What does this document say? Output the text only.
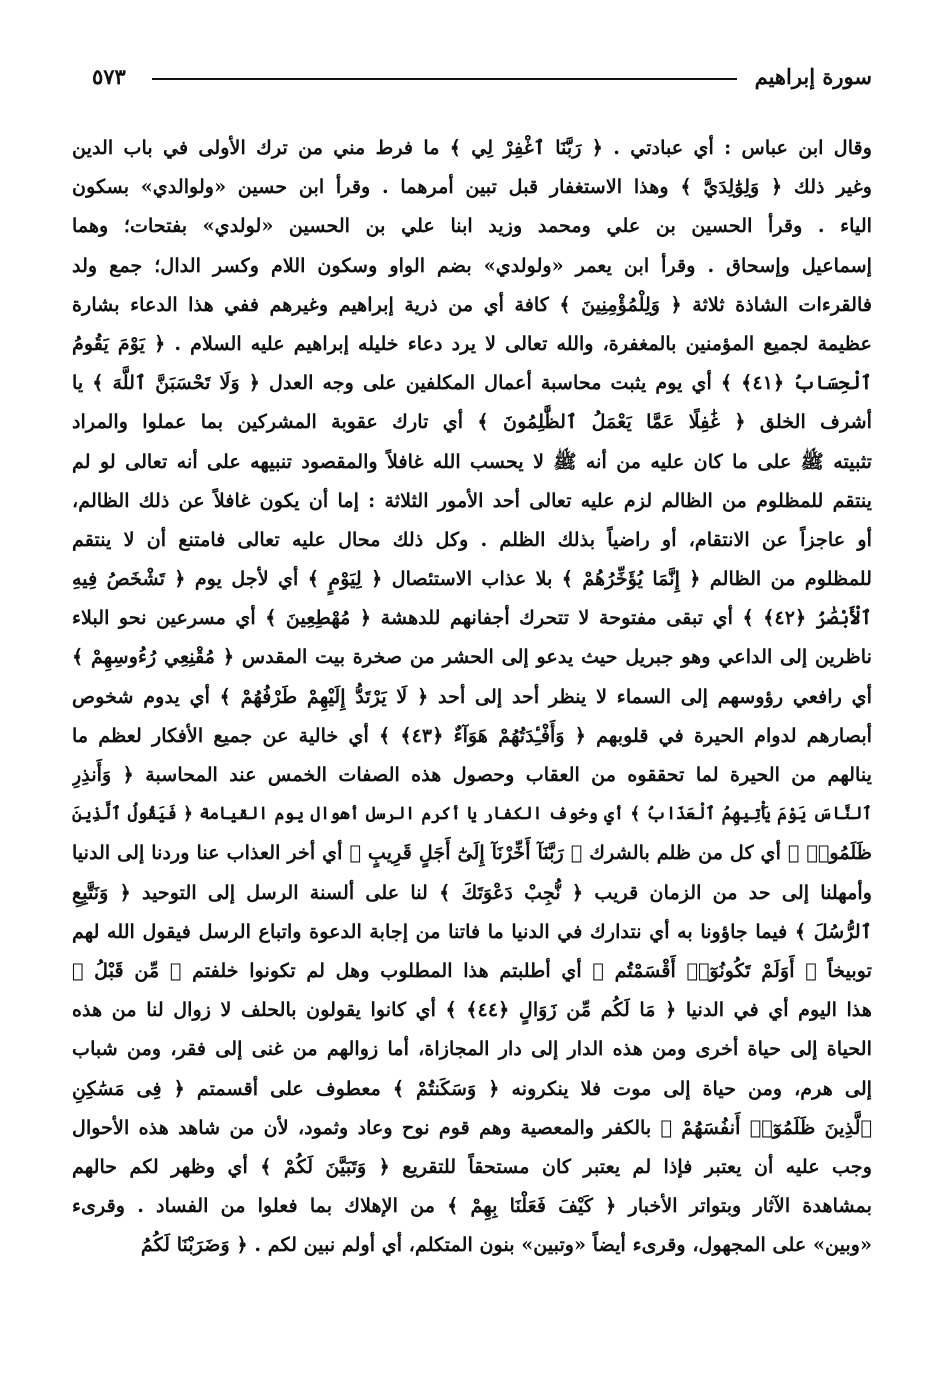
سورة إبراهيم
٥٧٣
وقال ابن عباس : أي عبادتي . ﴿ رَبَّنَا ٱغْفِرْ لِي ﴾ ما فرط مني من ترك الأولى في باب الدين
وغير ذلك ﴿ وَلِوَٰلِدَيَّ ﴾ وهذا الاستغفار قبل تبين أمرهما . وقرأ ابن حسين «ولوالدي» بسكون
الياء . وقرأ الحسين بن علي ومحمد وزيد ابنا علي بن الحسين «لولدي» بفتحات؛ وهما
إسماعيل وإسحاق . وقرأ ابن يعمر «ولولدي» بضم الواو وسكون اللام وكسر الدال؛ جمع ولد
فالقرءات الشاذة ثلاثة ﴿ وَلِلْمُؤْمِنِينَ ﴾ كافة أي من ذرية إبراهيم وغيرهم ففي هذا الدعاء بشارة
عظيمة لجميع المؤمنين بالمغفرة، والله تعالى لا يرد دعاء خليله إبراهيم عليه السلام . ﴿ يَوْمَ يَقُومُ
ٱلْحِسَابُ ﴿٤١﴾ ﴾ أي يوم يثبت محاسبة أعمال المكلفين على وجه العدل ﴿ وَلَا تَحْسَبَنَّ ٱللَّهَ ﴾ يا
أشرف الخلق ﴿ غَٰفِلًا عَمَّا يَعْمَلُ ٱلظَّٰلِمُونَ ﴾ أي تارك عقوبة المشركين بما عملوا والمراد
تثبيته ﷺ على ما كان عليه من أنه ﷺ لا يحسب الله غافلاً والمقصود تنبيهه على أنه تعالى لو لم
ينتقم للمظلوم من الظالم لزم عليه تعالى أحد الأمور الثلاثة : إما أن يكون غافلاً عن ذلك الظالم،
أو عاجزاً عن الانتقام، أو راضياً بذلك الظلم . وكل ذلك محال عليه تعالى فامتنع أن لا ينتقم
للمظلوم من الظالم ﴿ إِنَّمَا يُؤَخِّرُهُمْ ﴾ بلا عذاب الاستئصال ﴿ لِيَوْمٍ ﴾ أي لأجل يوم ﴿ تَشْخَصُ فِيهِ
ٱلْأَبْصَٰرُ ﴿٤٢﴾ ﴾ أي تبقى مفتوحة لا تتحرك أجفانهم للدهشة ﴿ مُهْطِعِينَ ﴾ أي مسرعين نحو البلاء
ناظرين إلى الداعي وهو جبريل حيث يدعو إلى الحشر من صخرة بيت المقدس ﴿ مُقْنِعِي رُءُوسِهِمْ ﴾
أي رافعي رؤوسهم إلى السماء لا ينظر أحد إلى أحد ﴿ لَا يَرْتَدُّ إِلَيْهِمْ طَرْفُهُمْ ﴾ أي يدوم شخوص
أبصارهم لدوام الحيرة في قلوبهم ﴿ وَأَفْـِٔدَتُهُمْ هَوَآءٌ ﴿٤٣﴾ ﴾ أي خالية عن جميع الأفكار لعظم ما
ينالهم من الحيرة لما تحققوه من العقاب وحصول هذه الصفات الخمس عند المحاسبة ﴿ وَأَنذِرِ
ٱلنَّاسَ يَوْمَ يَأْتِيهِمُ ٱلْعَذَابُ ﴾ أي وخوف الكفار يا أكرم الرسل أهوال يوم القيامة ﴿ فَيَقُولُ ٱلَّذِينَ
ظَلَمُوا۟ ﴾ أي كل من ظلم بالشرك ﴿ رَبَّنَآ أَخِّرْنَآ إِلَىٰٓ أَجَلٍ قَرِيبٍ ﴾ أي أخر العذاب عنا وردنا إلى الدنيا
وأمهلنا إلى حد من الزمان قريب ﴿ نُّجِبْ دَعْوَتَكَ ﴾ لنا على ألسنة الرسل إلى التوحيد ﴿ وَنَتَّبِعِ
ٱلرُّسُلَ ﴾ فيما جاؤونا به أي نتدارك في الدنيا ما فاتنا من إجابة الدعوة واتباع الرسل فيقول الله لهم
توبيخاً ﴿ أَوَلَمْ تَكُونُوٓا۟ أَقْسَمْتُم ﴾ أي أطلبتم هذا المطلوب وهل لم تكونوا خلفتم ﴿ مِّن قَبْلُ ﴾
هذا اليوم أي في الدنيا ﴿ مَا لَكُم مِّن زَوَالٍ ﴿٤٤﴾ ﴾ أي كانوا يقولون بالحلف لا زوال لنا من هذه
الحياة إلى حياة أخرى ومن هذه الدار إلى دار المجازاة، أما زوالهم من غنى إلى فقر، ومن شباب
إلى هرم، ومن حياة إلى موت فلا ينكرونه ﴿ وَسَكَنتُمْ ﴾ معطوف على أقسمتم ﴿ فِى مَسَٰكِنِ
ٱلَّذِينَ ظَلَمُوٓا۟ أَنفُسَهُمْ ﴾ بالكفر والمعصية وهم قوم نوح وعاد وثمود، لأن من شاهد هذه الأحوال
وجب عليه أن يعتبر فإذا لم يعتبر كان مستحقاً للتقريع ﴿ وَتَبَيَّنَ لَكُمْ ﴾ أي وظهر لكم حالهم
بمشاهدة الآثار وبتواتر الأخبار ﴿ كَيْفَ فَعَلْنَا بِهِمْ ﴾ من الإهلاك بما فعلوا من الفساد . وقرىء
«وبين» على المجهول، وقرىء أيضاً «وتبين» بنون المتكلم، أي أولم نبين لكم . ﴿ وَضَرَبْنَا لَكُمُ
